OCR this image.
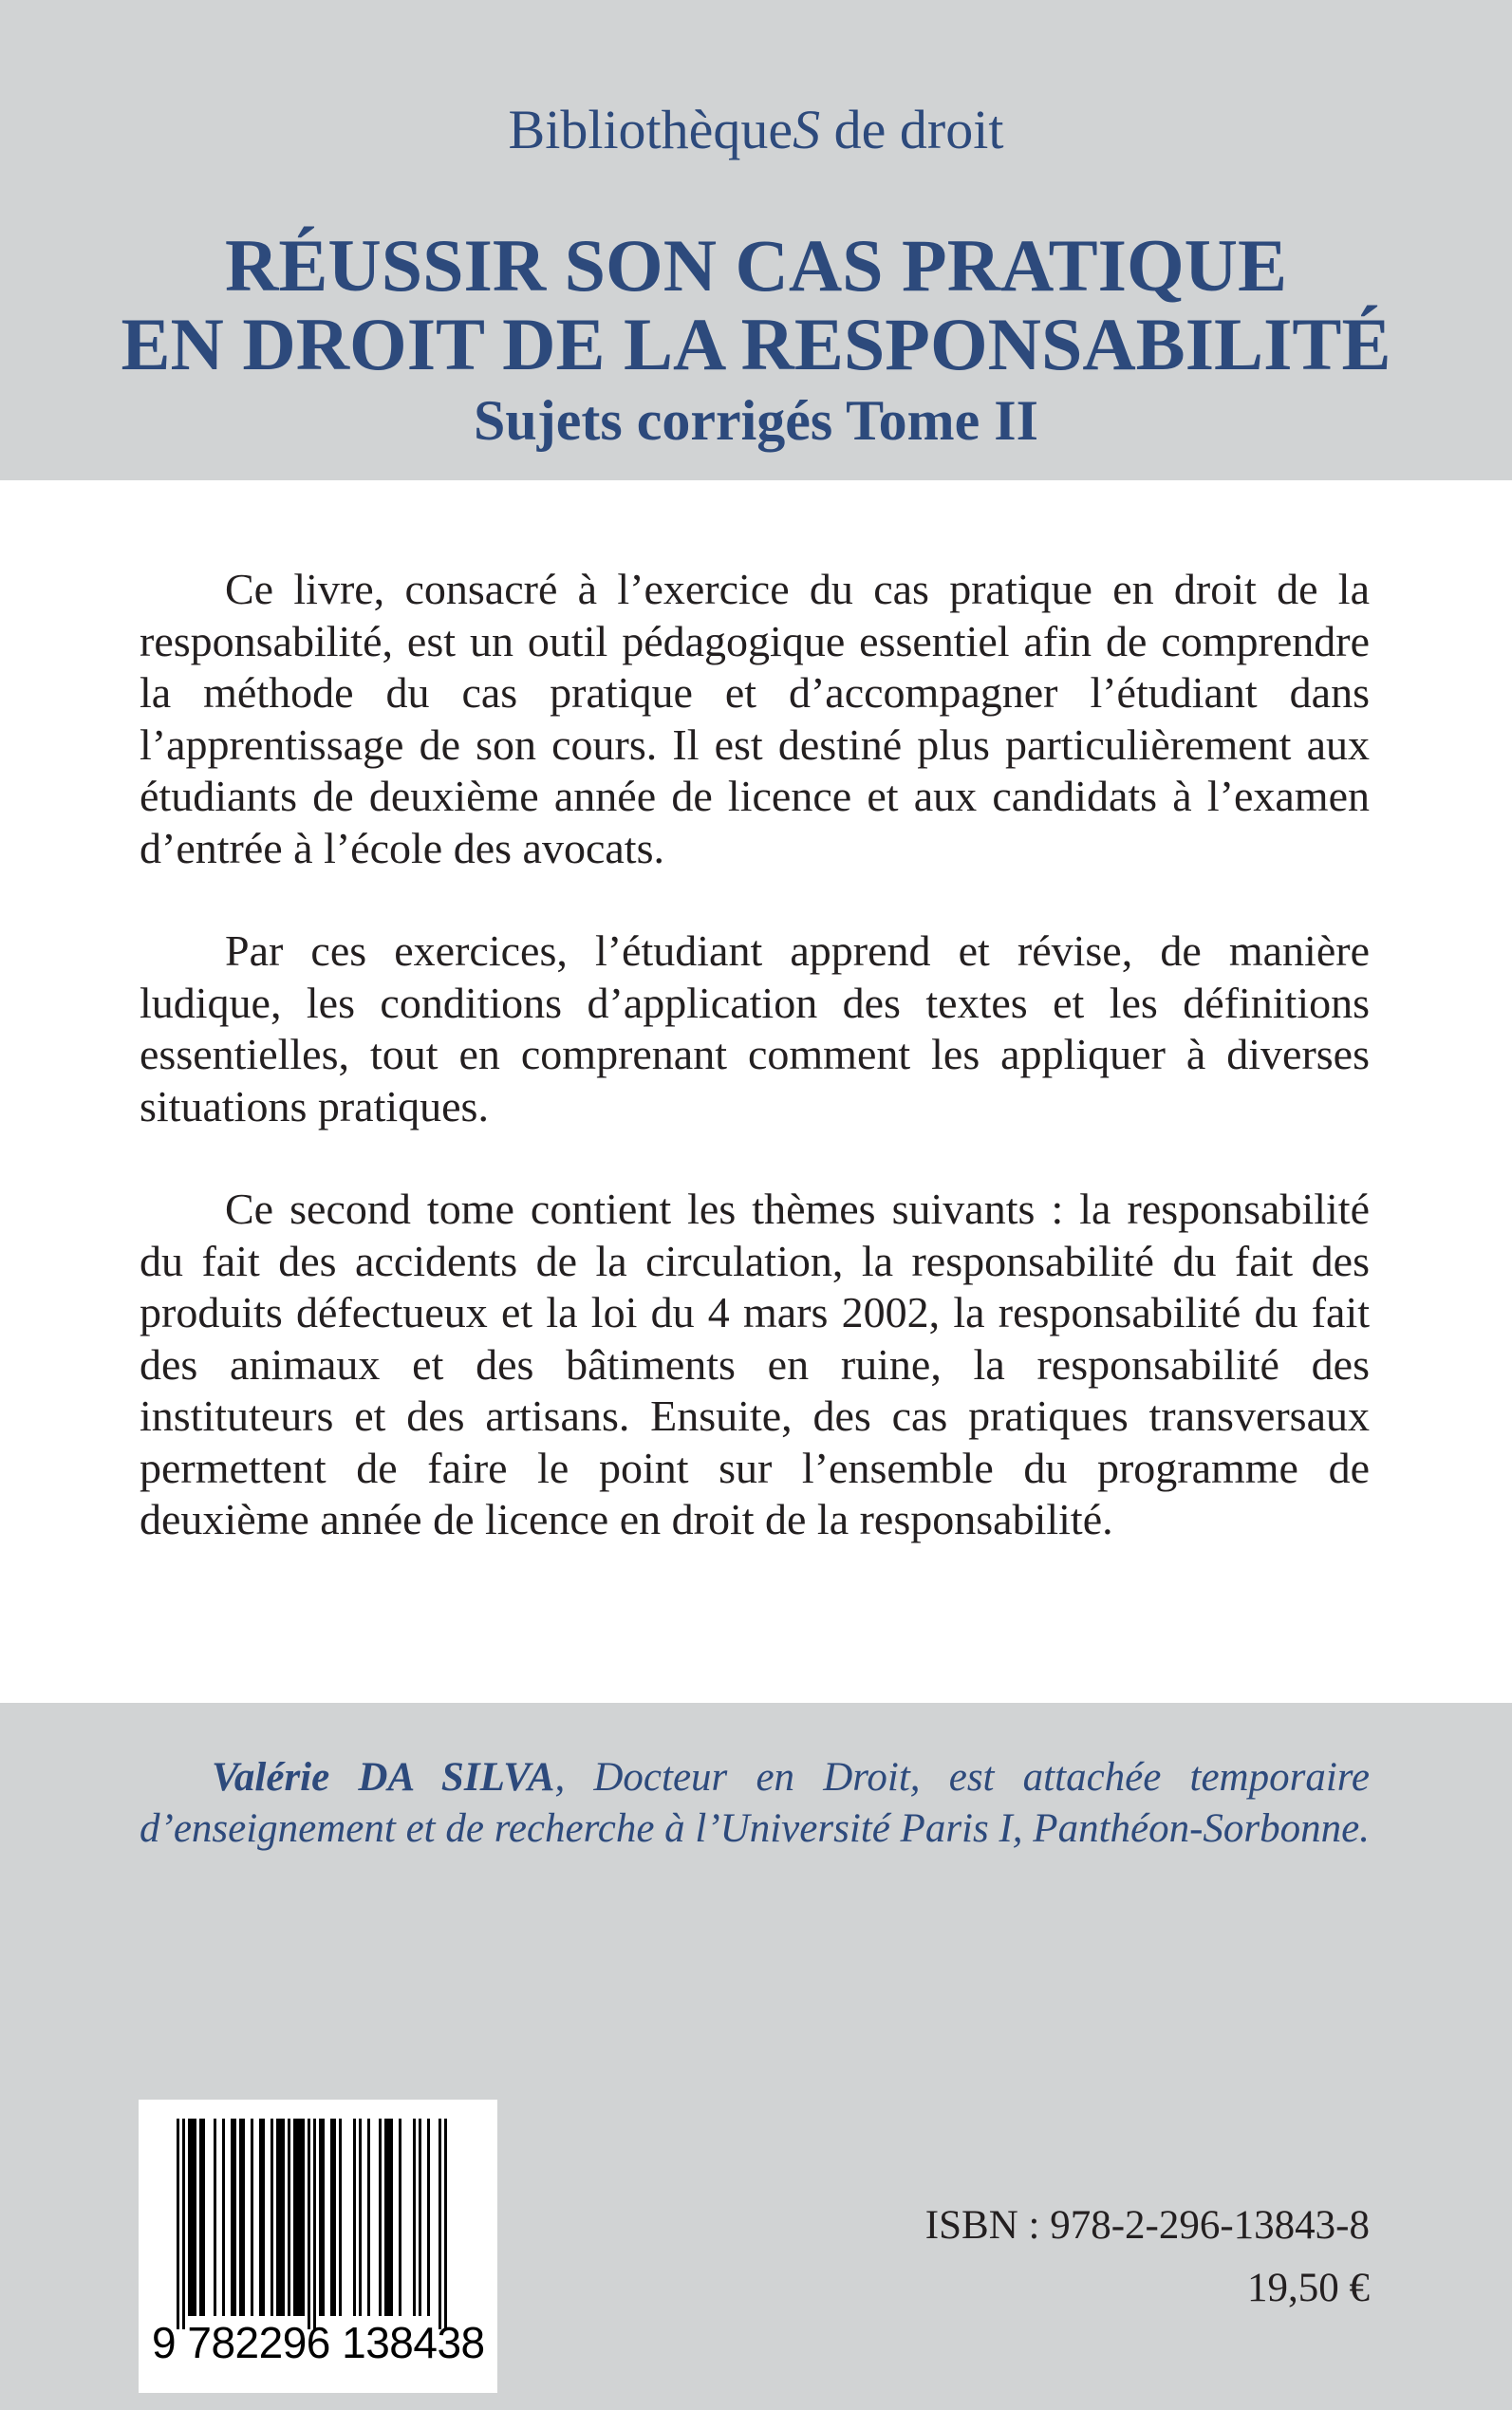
BibliothèqueS de droit
RÉUSSIR SON CAS PRATIQUE
EN DROIT DE LA RESPONSABILITÉ
Sujets corrigés Tome II

Ce livre, consacré à l’exercice du cas pratique en droit de la responsabilité, est un outil pédagogique essentiel afin de comprendre la méthode du cas pratique et d’accompagner l’étudiant dans l’apprentissage de son cours. Il est destiné plus particulièrement aux étudiants de deuxième année de licence et aux candidats à l’examen d’entrée à l’école des avocats.

Par ces exercices, l’étudiant apprend et révise, de manière ludique, les conditions d’application des textes et les définitions essentielles, tout en comprenant comment les appliquer à diverses situations pratiques.

Ce second tome contient les thèmes suivants : la responsabilité du fait des accidents de la circulation, la responsabilité du fait des produits défectueux et la loi du 4 mars 2002, la responsabilité du fait des animaux et des bâtiments en ruine, la responsabilité des instituteurs et des artisans. Ensuite, des cas pratiques transversaux permettent de faire le point sur l’ensemble du programme de deuxième année de licence en droit de la responsabilité.

Valérie DA SILVA, Docteur en Droit, est attachée temporaire d’enseignement et de recherche à l’Université Paris I, Panthéon-Sorbonne.

9 782296 138438
ISBN : 978-2-296-13843-8
19,50 €
